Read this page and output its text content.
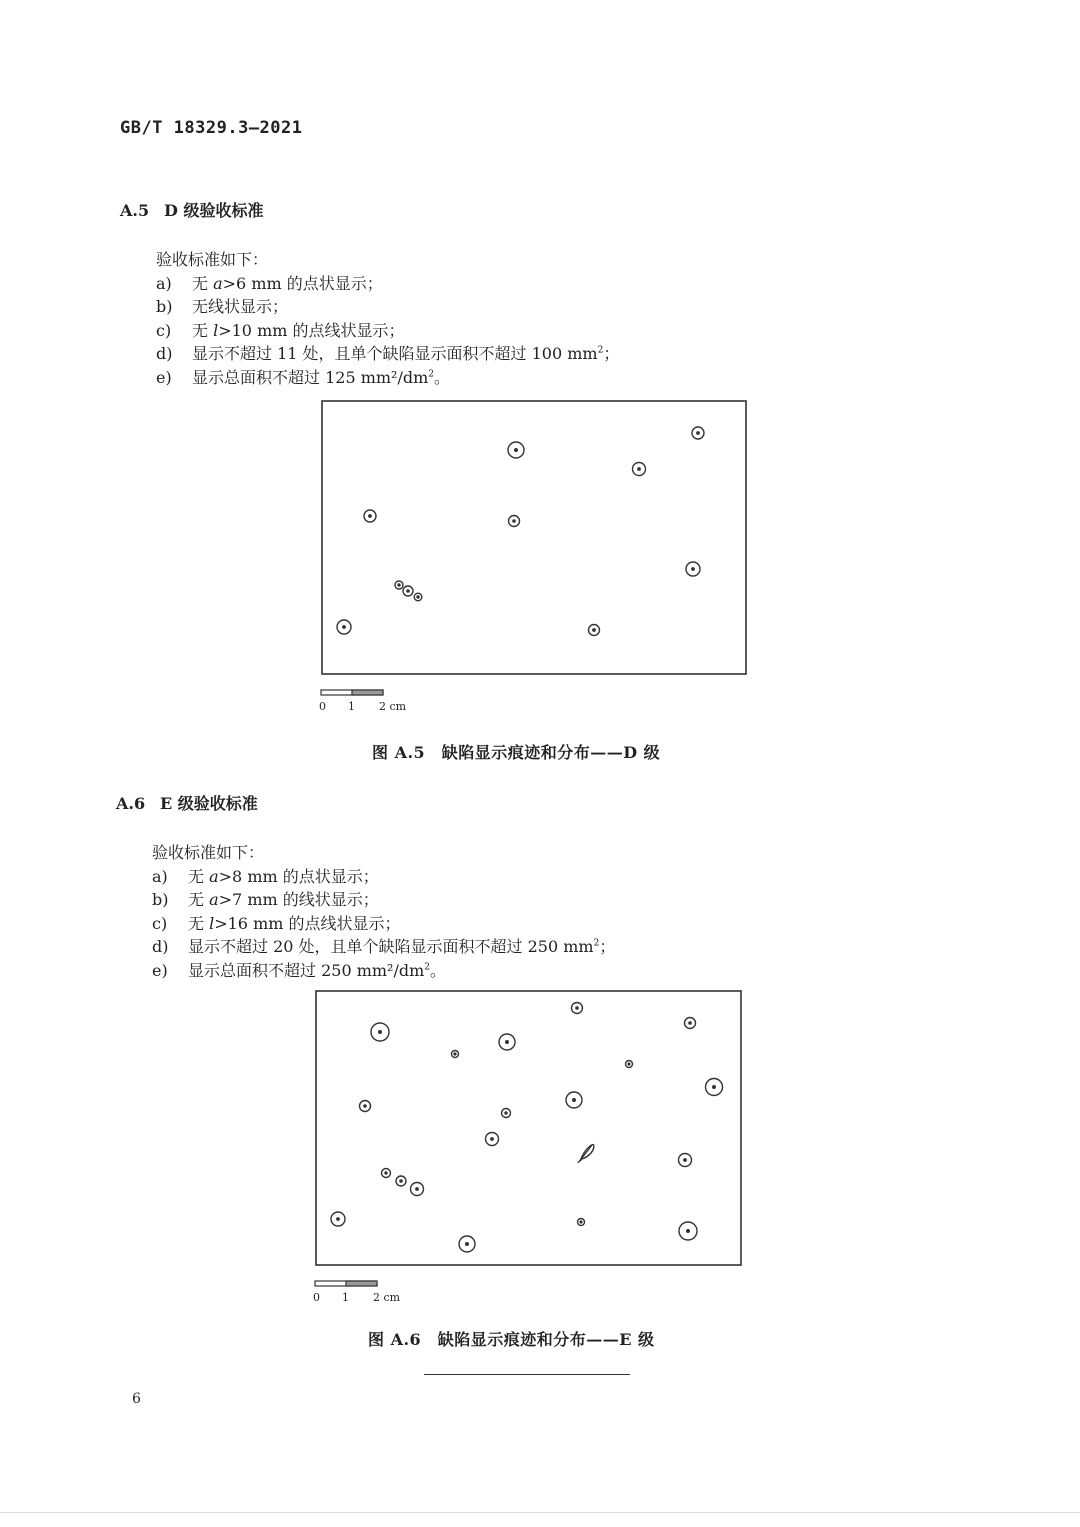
GB/T 18329.3—2021
A.5 D 级验收标准
验收标准如下：
a) 无 a>6 mm 的点状显示；
b) 无线状显示；
c) 无 l>10 mm 的点线状显示；
d) 显示不超过 11 处，且单个缺陷显示面积不超过 100 $mm^2$；
e) 显示总面积不超过 125 mm²/$dm^2$。
0 1 2 cm
图 A.5　缺陷显示痕迹和分布——D 级
A.6 E 级验收标准
验收标准如下：
a) 无 a>8 mm 的点状显示；
b) 无 a>7 mm 的线状显示；
c) 无 l>16 mm 的点线状显示；
d) 显示不超过 20 处，且单个缺陷显示面积不超过 250 $mm^2$；
e) 显示总面积不超过 250 mm²/$dm^2$。
0 1 2 cm
图 A.6　缺陷显示痕迹和分布——E 级
6
